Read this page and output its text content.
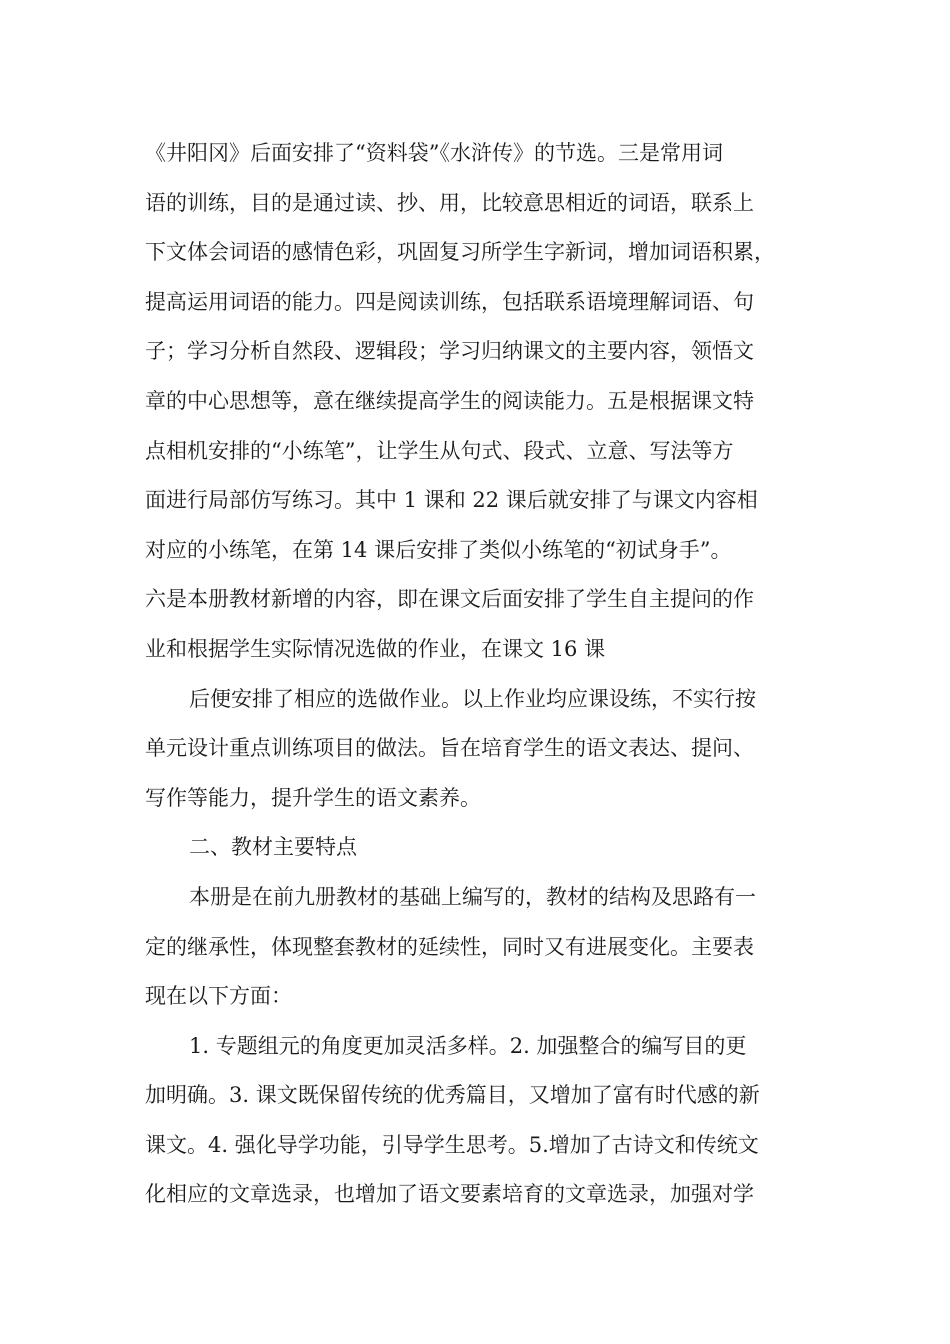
《井阳冈》后面安排了“资料袋”《水浒传》的节选。三是常用词
语的训练，目的是通过读、抄、用，比较意思相近的词语，联系上
下文体会词语的感情色彩，巩固复习所学生字新词，增加词语积累，
提高运用词语的能力。四是阅读训练，包括联系语境理解词语、句
子；学习分析自然段、逻辑段；学习归纳课文的主要内容，领悟文
章的中心思想等，意在继续提高学生的阅读能力。五是根据课文特
点相机安排的“小练笔”，让学生从句式、段式、立意、写法等方
面进行局部仿写练习。其中 1 课和 22 课后就安排了与课文内容相
对应的小练笔，在第 14 课后安排了类似小练笔的“初试身手”。
六是本册教材新增的内容，即在课文后面安排了学生自主提问的作
业和根据学生实际情况选做的作业，在课文 16 课
后便安排了相应的选做作业。以上作业均应课设练，不实行按
单元设计重点训练项目的做法。旨在培育学生的语文表达、提问、
写作等能力，提升学生的语文素养。
二、教材主要特点
本册是在前九册教材的基础上编写的，教材的结构及思路有一
定的继承性，体现整套教材的延续性，同时又有进展变化。主要表
现在以下方面：
1. 专题组元的角度更加灵活多样。2. 加强整合的编写目的更
加明确。3. 课文既保留传统的优秀篇目，又增加了富有时代感的新
课文。4. 强化导学功能，引导学生思考。5.增加了古诗文和传统文
化相应的文章选录，也增加了语文要素培育的文章选录，加强对学
